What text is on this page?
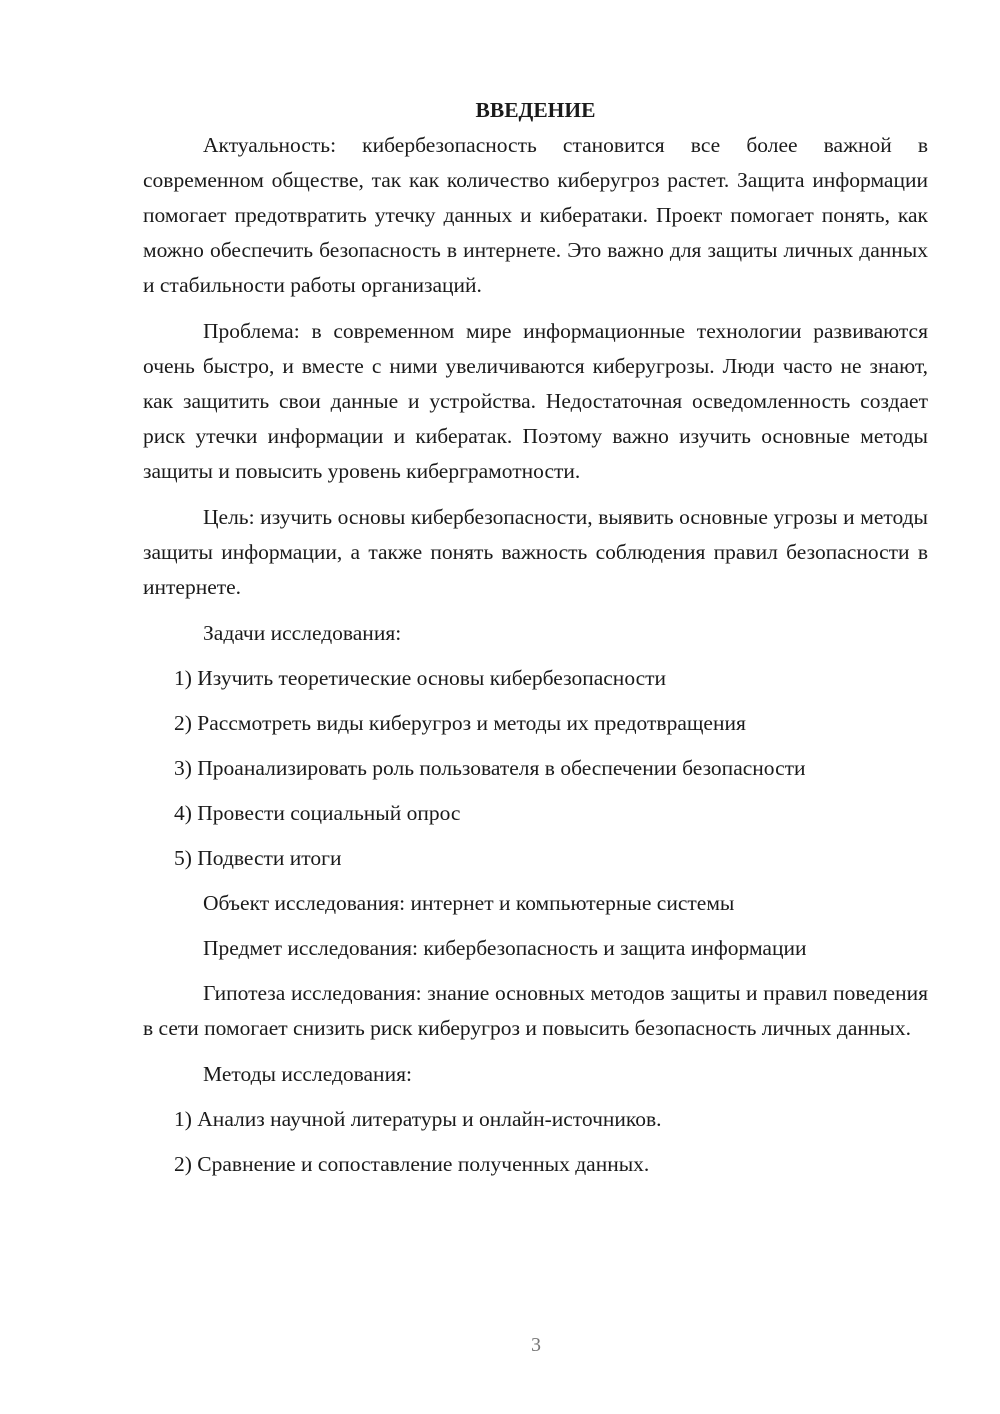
ВВЕДЕНИЕ

Актуальность: кибербезопасность становится все более важной в современном обществе, так как количество киберугроз растет. Защита информации помогает предотвратить утечку данных и кибератаки. Проект помогает понять, как можно обеспечить безопасность в интернете. Это важно для защиты личных данных и стабильности работы организаций.

Проблема: в современном мире информационные технологии развиваются очень быстро, и вместе с ними увеличиваются киберугрозы. Люди часто не знают, как защитить свои данные и устройства. Недостаточная осведомленность создает риск утечки информации и кибератак. Поэтому важно изучить основные методы защиты и повысить уровень киберграмотности.

Цель: изучить основы кибербезопасности, выявить основные угрозы и методы защиты информации, а также понять важность соблюдения правил безопасности в интернете.

Задачи исследования:

1) Изучить теоретические основы кибербезопасности
2) Рассмотреть виды киберугроз и методы их предотвращения
3) Проанализировать роль пользователя в обеспечении безопасности
4) Провести социальный опрос
5) Подвести итоги

Объект исследования: интернет и компьютерные системы

Предмет исследования: кибербезопасность и защита информации

Гипотеза исследования: знание основных методов защиты и правил поведения в сети помогает снизить риск киберугроз и повысить безопасность личных данных.

Методы исследования:

1) Анализ научной литературы и онлайн-источников.
2) Сравнение и сопоставление полученных данных.
3
